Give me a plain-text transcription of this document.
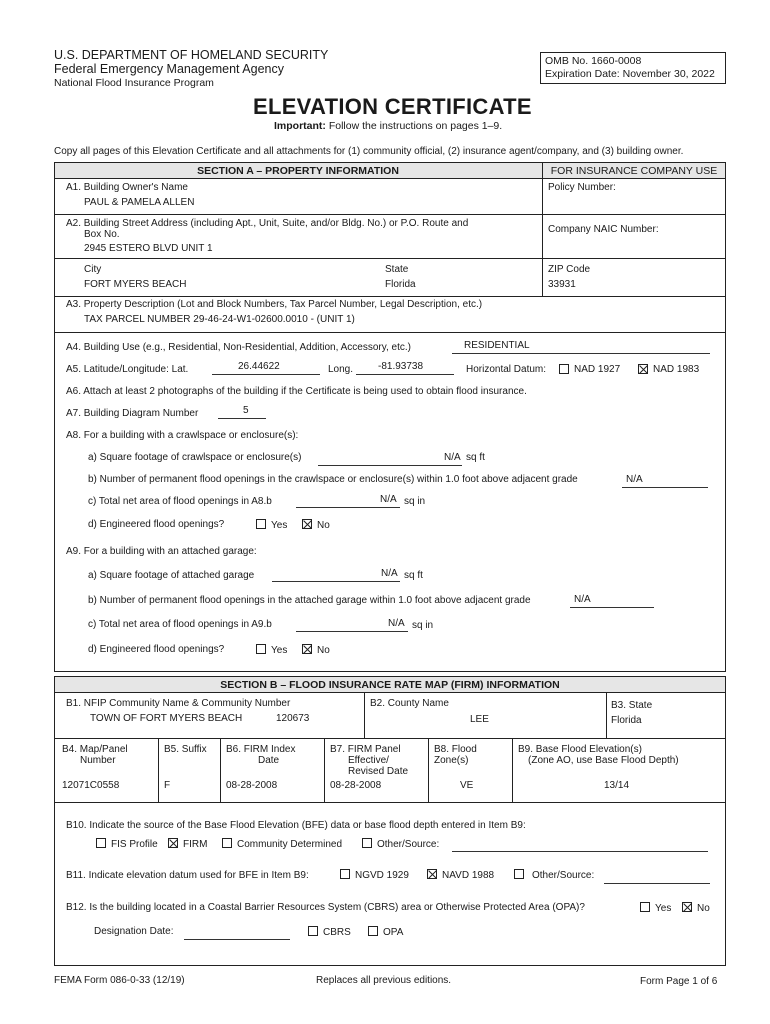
U.S. DEPARTMENT OF HOMELAND SECURITY
Federal Emergency Management Agency
National Flood Insurance Program
OMB No. 1660-0008
Expiration Date: November 30, 2022
ELEVATION CERTIFICATE
Important: Follow the instructions on pages 1–9.
Copy all pages of this Elevation Certificate and all attachments for (1) community official, (2) insurance agent/company, and (3) building owner.
SECTION A – PROPERTY INFORMATION	FOR INSURANCE COMPANY USE
A1. Building Owner's Name
PAUL & PAMELA ALLEN
Policy Number:
A2. Building Street Address (including Apt., Unit, Suite, and/or Bldg. No.) or P.O. Route and
Box No.
2945 ESTERO BLVD UNIT 1
Company NAIC Number:
City
FORT MYERS BEACH
State
Florida
ZIP Code
33931
A3. Property Description (Lot and Block Numbers, Tax Parcel Number, Legal Description, etc.)
TAX PARCEL NUMBER 29-46-24-W1-02600.0010 - (UNIT 1)
A4. Building Use (e.g., Residential, Non-Residential, Addition, Accessory, etc.)	RESIDENTIAL
A5. Latitude/Longitude: Lat.	26.44622	Long. -81.93738	Horizontal Datum:	NAD 1927	NAD 1983
A6. Attach at least 2 photographs of the building if the Certificate is being used to obtain flood insurance.
A7. Building Diagram Number	5
A8. For a building with a crawlspace or enclosure(s):
a) Square footage of crawlspace or enclosure(s)	N/A sq ft
b) Number of permanent flood openings in the crawlspace or enclosure(s) within 1.0 foot above adjacent grade	N/A
c) Total net area of flood openings in A8.b	N/A sq in
d) Engineered flood openings?	Yes	No
A9. For a building with an attached garage:
a) Square footage of attached garage	N/A sq ft
b) Number of permanent flood openings in the attached garage within 1.0 foot above adjacent grade	N/A
c) Total net area of flood openings in A9.b	N/A sq in
d) Engineered flood openings?	Yes	No
SECTION B – FLOOD INSURANCE RATE MAP (FIRM) INFORMATION
B1. NFIP Community Name & Community Number
TOWN OF FORT MYERS BEACH	120673
B2. County Name
LEE
B3. State
Florida
B4. Map/Panel
Number
12071C0558
B5. Suffix
F
B6. FIRM Index
Date
08-28-2008
B7. FIRM Panel
Effective/
Revised Date
08-28-2008
B8. Flood
Zone(s)
VE
B9. Base Flood Elevation(s)
(Zone AO, use Base Flood Depth)
13/14
B10. Indicate the source of the Base Flood Elevation (BFE) data or base flood depth entered in Item B9:
FIS Profile	FIRM	Community Determined	Other/Source:
B11. Indicate elevation datum used for BFE in Item B9:	NGVD 1929	NAVD 1988	Other/Source:
B12. Is the building located in a Coastal Barrier Resources System (CBRS) area or Otherwise Protected Area (OPA)?	Yes	No
Designation Date:	CBRS	OPA
FEMA Form 086-0-33 (12/19)	Replaces all previous editions.	Form Page 1 of 6
